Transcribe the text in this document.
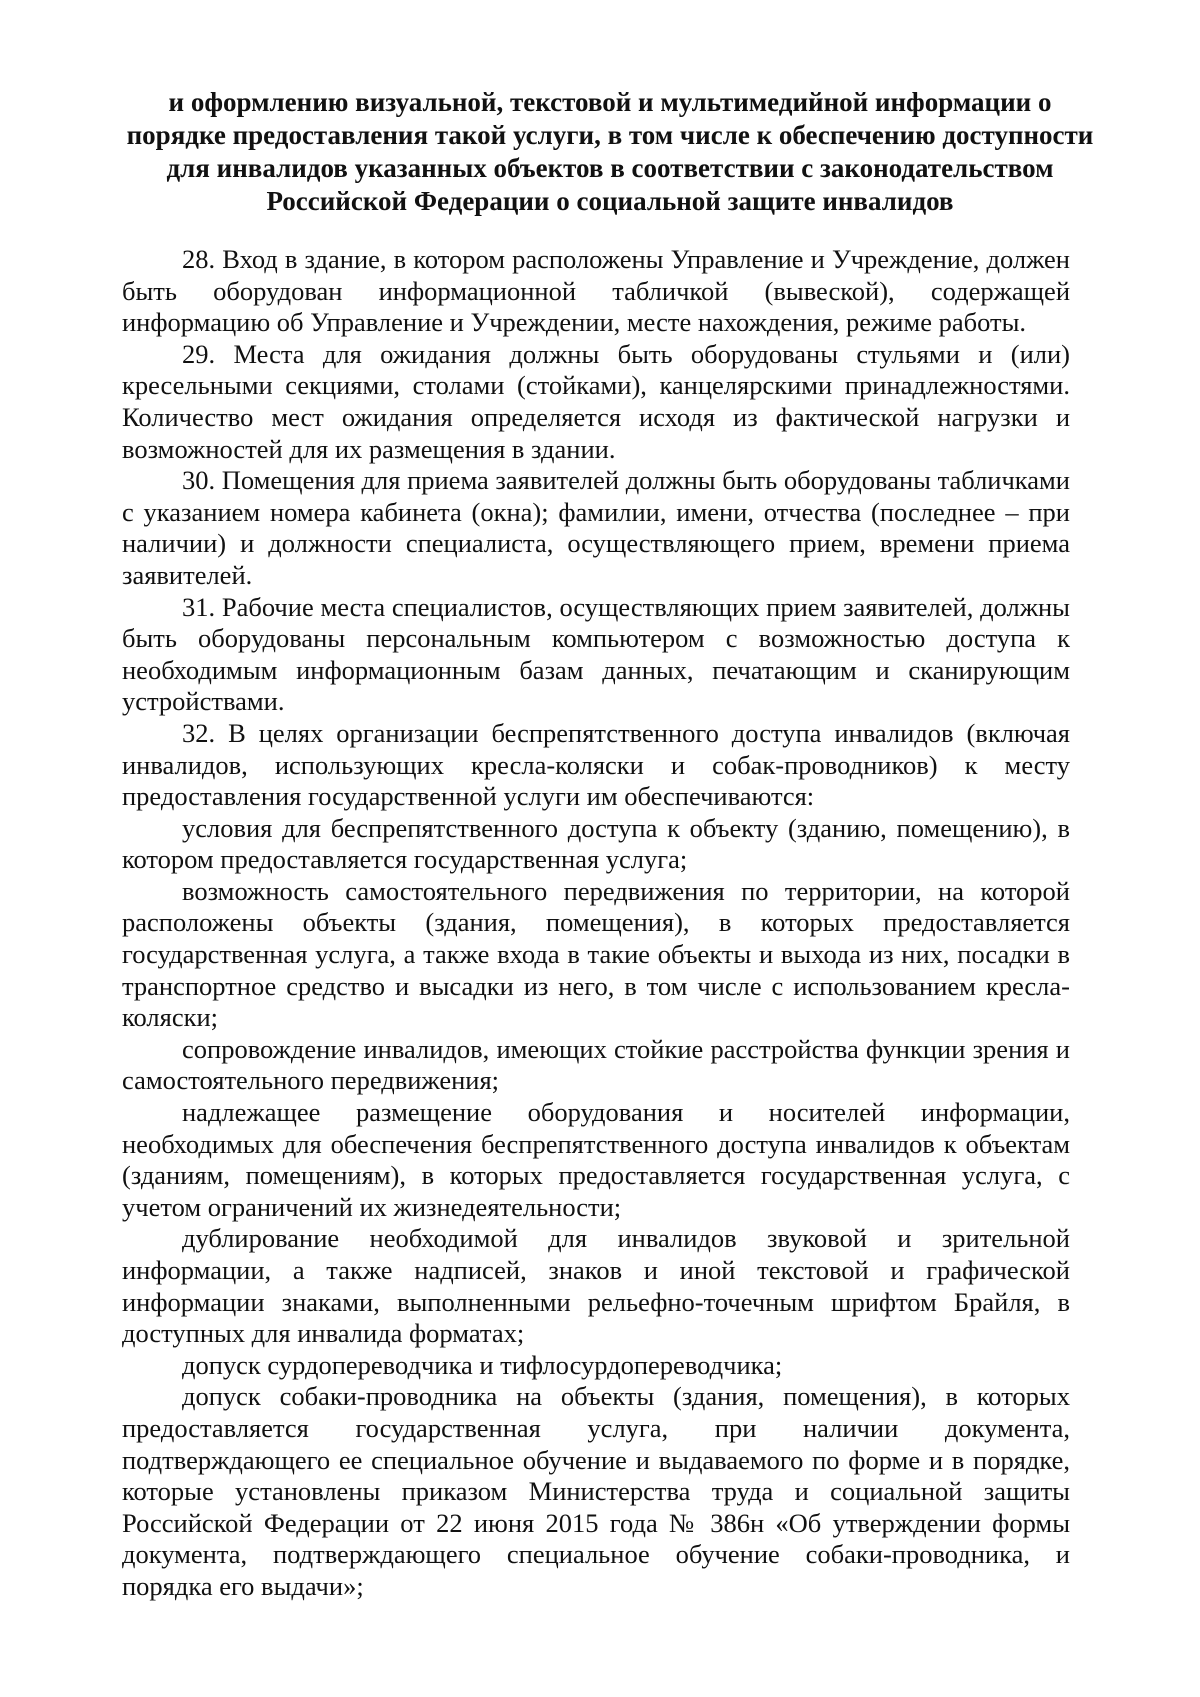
и оформлению визуальной, текстовой и мультимедийной информации о
порядке предоставления такой услуги, в том числе к обеспечению доступности
для инвалидов указанных объектов в соответствии с законодательством
Российской Федерации о социальной защите инвалидов

28. Вход в здание, в котором расположены Управление и Учреждение, должен быть оборудован информационной табличкой (вывеской), содержащей информацию об Управление и Учреждении, месте нахождения, режиме работы.

29. Места для ожидания должны быть оборудованы стульями и (или) кресельными секциями, столами (стойками), канцелярскими принадлежностями. Количество мест ожидания определяется исходя из фактической нагрузки и возможностей для их размещения в здании.

30. Помещения для приема заявителей должны быть оборудованы табличками с указанием номера кабинета (окна); фамилии, имени, отчества (последнее – при наличии) и должности специалиста, осуществляющего прием, времени приема заявителей.

31. Рабочие места специалистов, осуществляющих прием заявителей, должны быть оборудованы персональным компьютером с возможностью доступа к необходимым информационным базам данных, печатающим и сканирующим устройствами.

32. В целях организации беспрепятственного доступа инвалидов (включая инвалидов, использующих кресла-коляски и собак-проводников) к месту предоставления государственной услуги им обеспечиваются:

условия для беспрепятственного доступа к объекту (зданию, помещению), в котором предоставляется государственная услуга;

возможность самостоятельного передвижения по территории, на которой расположены объекты (здания, помещения), в которых предоставляется государственная услуга, а также входа в такие объекты и выхода из них, посадки в транспортное средство и высадки из него, в том числе с использованием кресла-коляски;

сопровождение инвалидов, имеющих стойкие расстройства функции зрения и самостоятельного передвижения;

надлежащее размещение оборудования и носителей информации, необходимых для обеспечения беспрепятственного доступа инвалидов к объектам (зданиям, помещениям), в которых предоставляется государственная услуга, с учетом ограничений их жизнедеятельности;

дублирование необходимой для инвалидов звуковой и зрительной информации, а также надписей, знаков и иной текстовой и графической информации знаками, выполненными рельефно-точечным шрифтом Брайля, в доступных для инвалида форматах;

допуск сурдопереводчика и тифлосурдопереводчика;

допуск собаки-проводника на объекты (здания, помещения), в которых предоставляется государственная услуга, при наличии документа, подтверждающего ее специальное обучение и выдаваемого по форме и в порядке, которые установлены приказом Министерства труда и социальной защиты Российской Федерации от 22 июня 2015 года № 386н «Об утверждении формы документа, подтверждающего специальное обучение собаки-проводника, и порядка его выдачи»;
